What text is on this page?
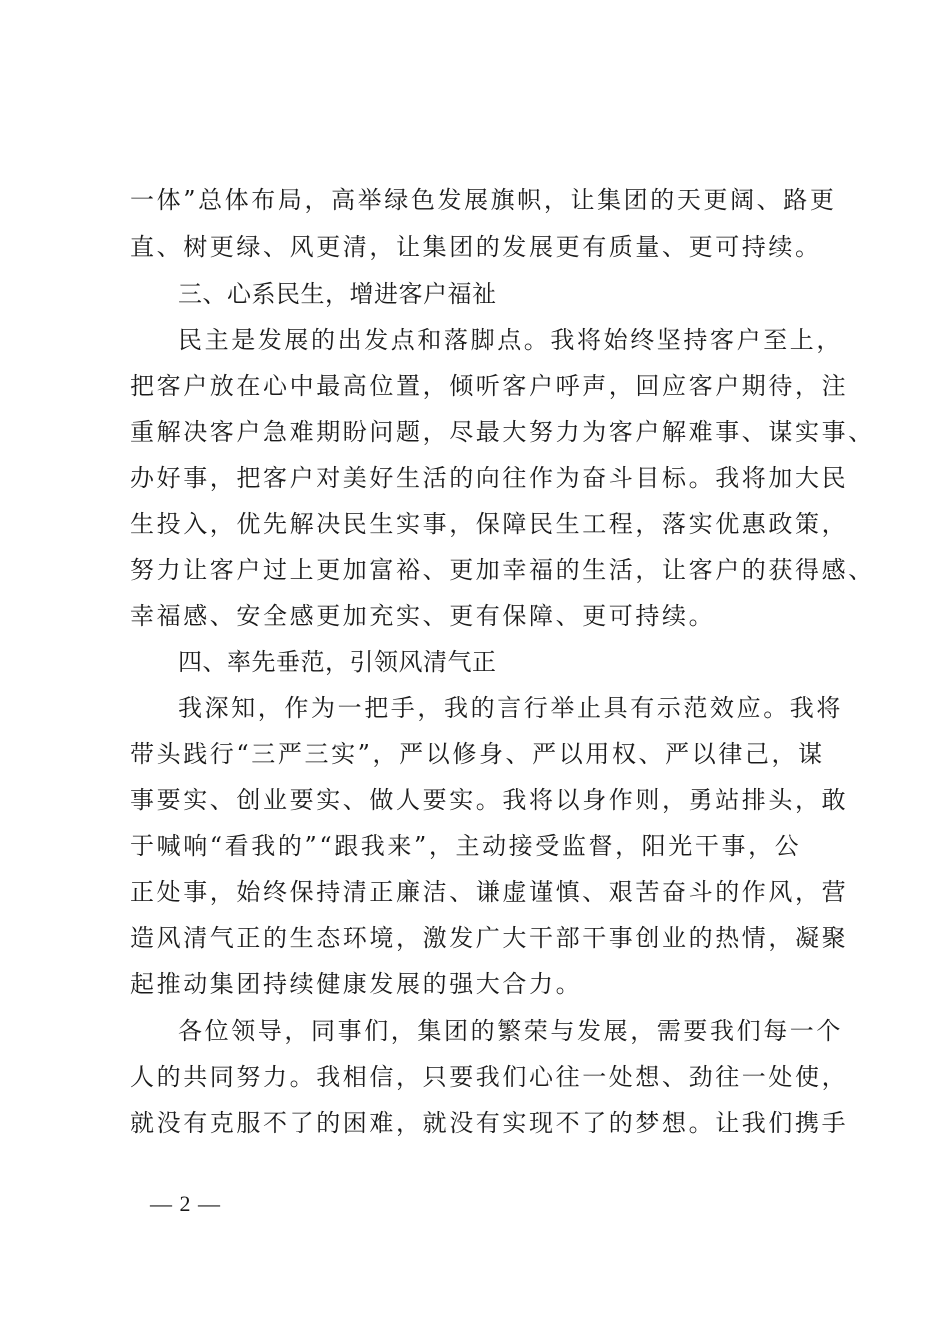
一体”总体布局，高举绿色发展旗帜，让集团的天更阔、路更
直、树更绿、风更清，让集团的发展更有质量、更可持续。
三、心系民生，增进客户福祉
民主是发展的出发点和落脚点。我将始终坚持客户至上，
把客户放在心中最高位置，倾听客户呼声，回应客户期待，注
重解决客户急难期盼问题，尽最大努力为客户解难事、谋实事、
办好事，把客户对美好生活的向往作为奋斗目标。我将加大民
生投入，优先解决民生实事，保障民生工程，落实优惠政策，
努力让客户过上更加富裕、更加幸福的生活，让客户的获得感、
幸福感、安全感更加充实、更有保障、更可持续。
四、率先垂范，引领风清气正
我深知，作为一把手，我的言行举止具有示范效应。我将
带头践行“三严三实”，严以修身、严以用权、严以律己，谋
事要实、创业要实、做人要实。我将以身作则，勇站排头，敢
于喊响“看我的”“跟我来”，主动接受监督，阳光干事，公
正处事，始终保持清正廉洁、谦虚谨慎、艰苦奋斗的作风，营
造风清气正的生态环境，激发广大干部干事创业的热情，凝聚
起推动集团持续健康发展的强大合力。
各位领导，同事们，集团的繁荣与发展，需要我们每一个
人的共同努力。我相信，只要我们心往一处想、劲往一处使，
就没有克服不了的困难，就没有实现不了的梦想。让我们携手
— 2 —
